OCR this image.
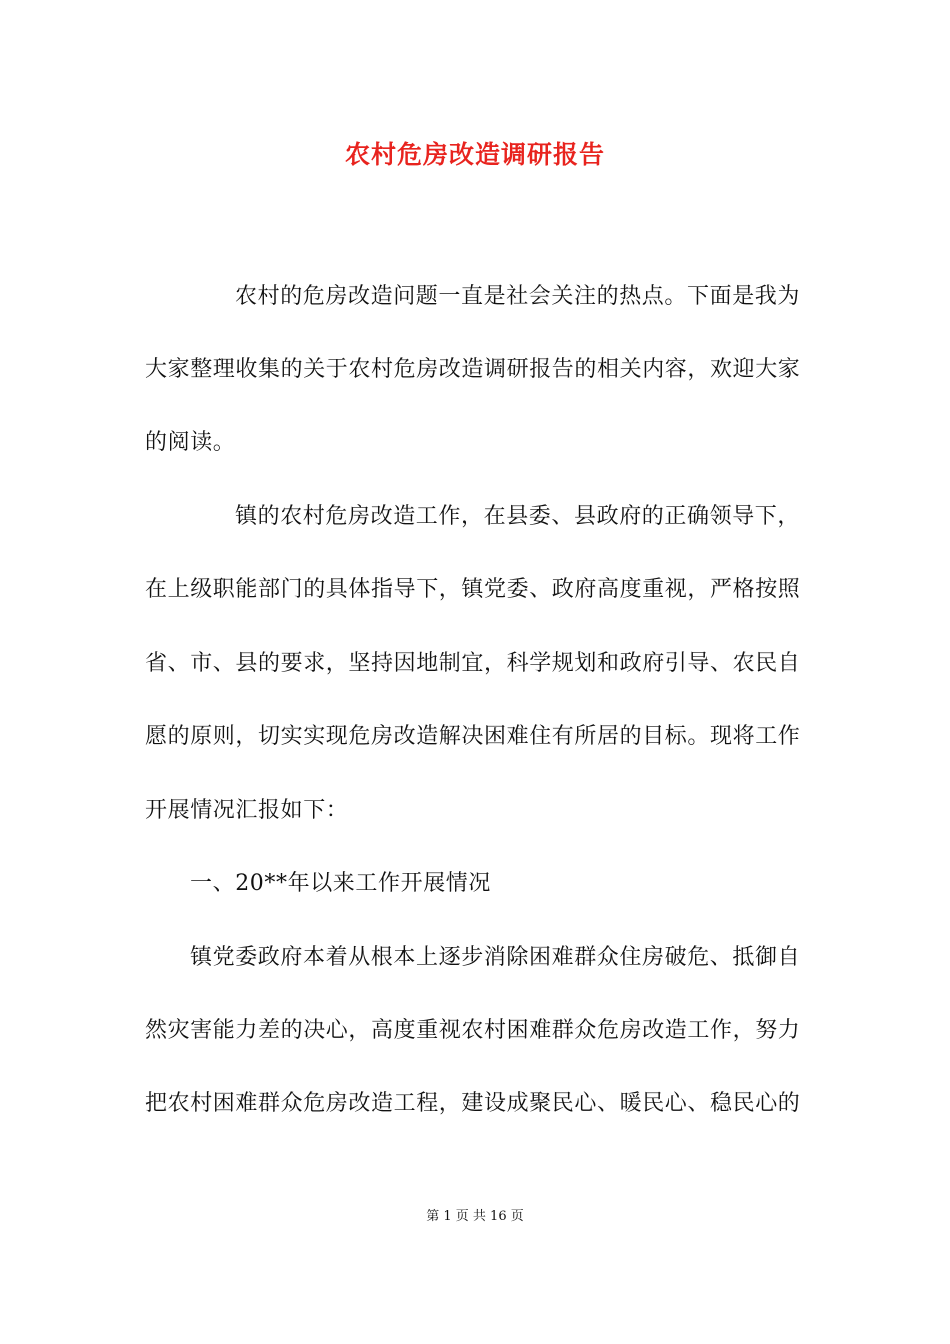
农村危房改造调研报告
农村的危房改造问题一直是社会关注的热点。下面是我为
大家整理收集的关于农村危房改造调研报告的相关内容，欢迎大家
的阅读。
镇的农村危房改造工作，在县委、县政府的正确领导下，
在上级职能部门的具体指导下，镇党委、政府高度重视，严格按照
省、市、县的要求，坚持因地制宜，科学规划和政府引导、农民自
愿的原则，切实实现危房改造解决困难住有所居的目标。现将工作
开展情况汇报如下：
一、20**年以来工作开展情况
镇党委政府本着从根本上逐步消除困难群众住房破危、抵御自
然灾害能力差的决心，高度重视农村困难群众危房改造工作，努力
把农村困难群众危房改造工程，建设成聚民心、暖民心、稳民心的
第 1 页 共 16 页
